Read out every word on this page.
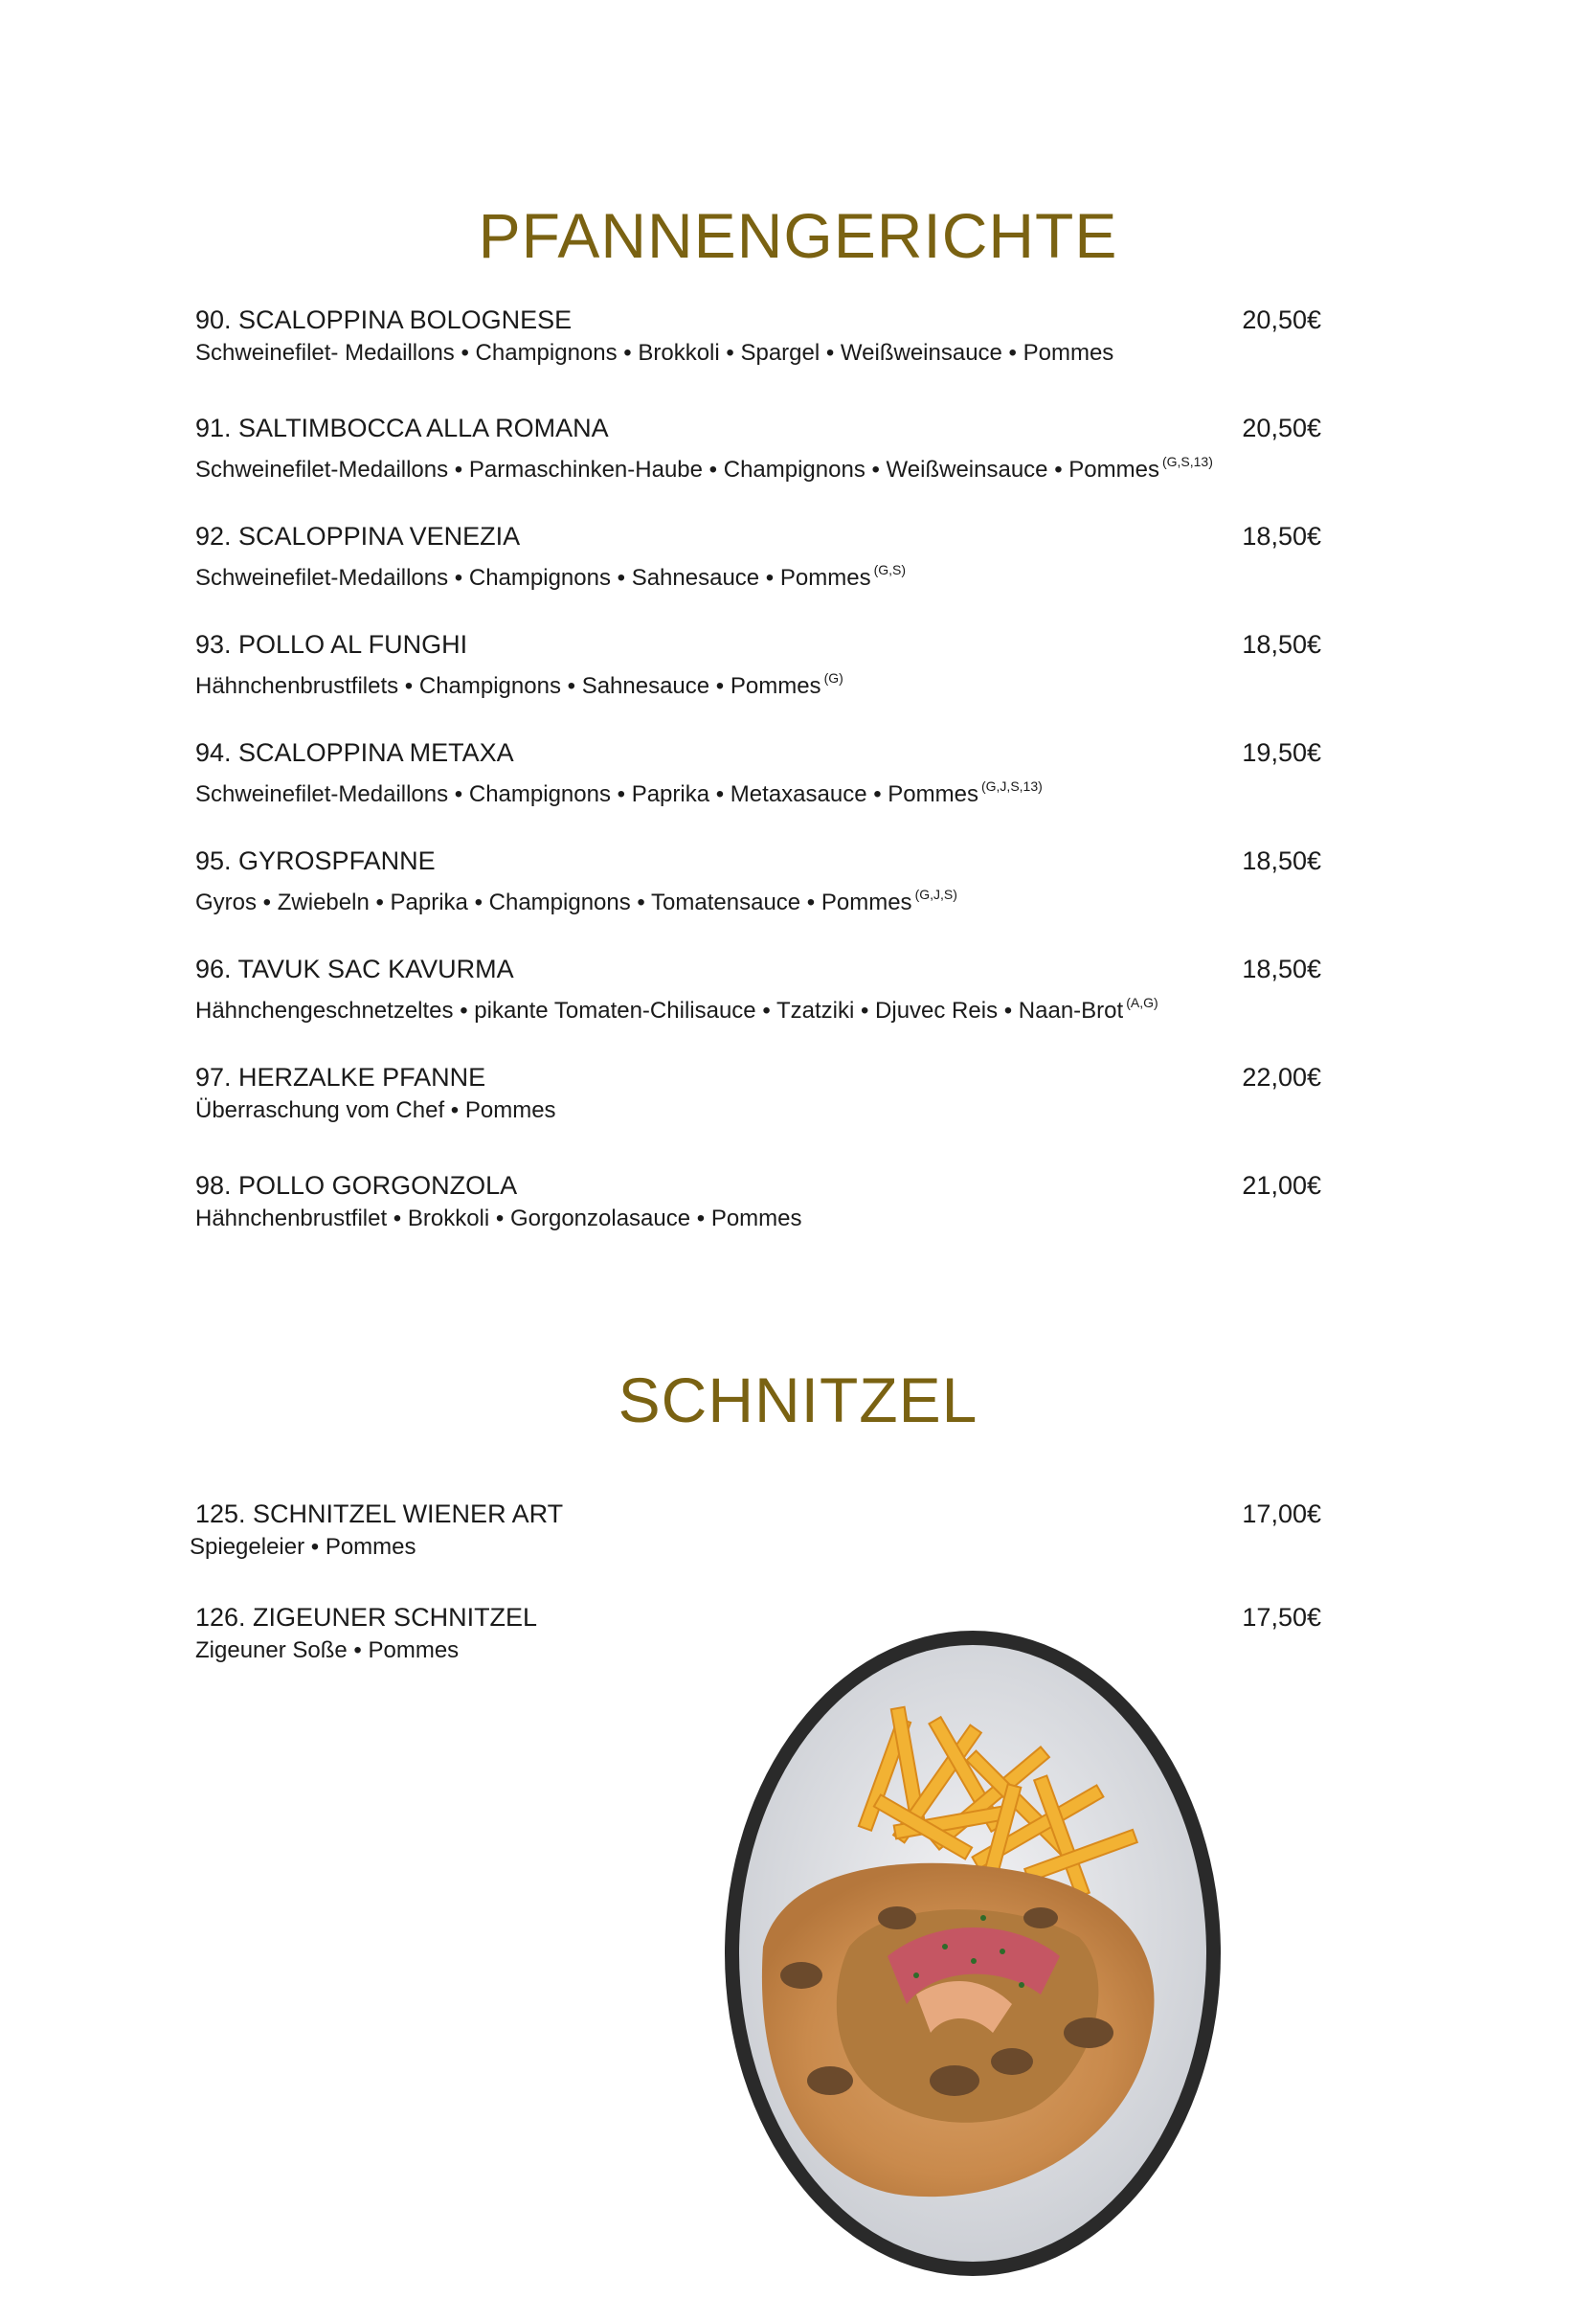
PFANNENGERICHTE
90. SCALOPPINA BOLOGNESE	20,50€
Schweinefilet- Medaillons • Champignons • Brokkoli • Spargel • Weißweinsauce • Pommes
91. SALTIMBOCCA ALLA ROMANA	20,50€
Schweinefilet-Medaillons • Parmaschinken-Haube • Champignons • Weißweinsauce • Pommes $^{(G,S,13)}$
92. SCALOPPINA VENEZIA	18,50€
Schweinefilet-Medaillons • Champignons • Sahnesauce • Pommes $^{(G,S)}$
93. POLLO AL FUNGHI	18,50€
Hähnchenbrustfilets • Champignons • Sahnesauce • Pommes $^{(G)}$
94. SCALOPPINA METAXA	19,50€
Schweinefilet-Medaillons • Champignons • Paprika • Metaxasauce • Pommes $^{(G,J,S,13)}$
95. GYROSPFANNE	18,50€
Gyros • Zwiebeln • Paprika • Champignons • Tomatensauce • Pommes $^{(G,J,S)}$
96. TAVUK SAC KAVURMA	18,50€
Hähnchengeschnetzeltes • pikante Tomaten-Chilisauce • Tzatziki • Djuvec Reis • Naan-Brot $^{(A,G)}$
97. HERZALKE PFANNE	22,00€
Überraschung vom Chef • Pommes
98. POLLO GORGONZOLA	21,00€
Hähnchenbrustfilet • Brokkoli • Gorgonzolasauce • Pommes
SCHNITZEL
125. SCHNITZEL WIENER ART	17,00€
Spiegeleier • Pommes
126. ZIGEUNER SCHNITZEL	17,50€
Zigeuner Soße • Pommes
